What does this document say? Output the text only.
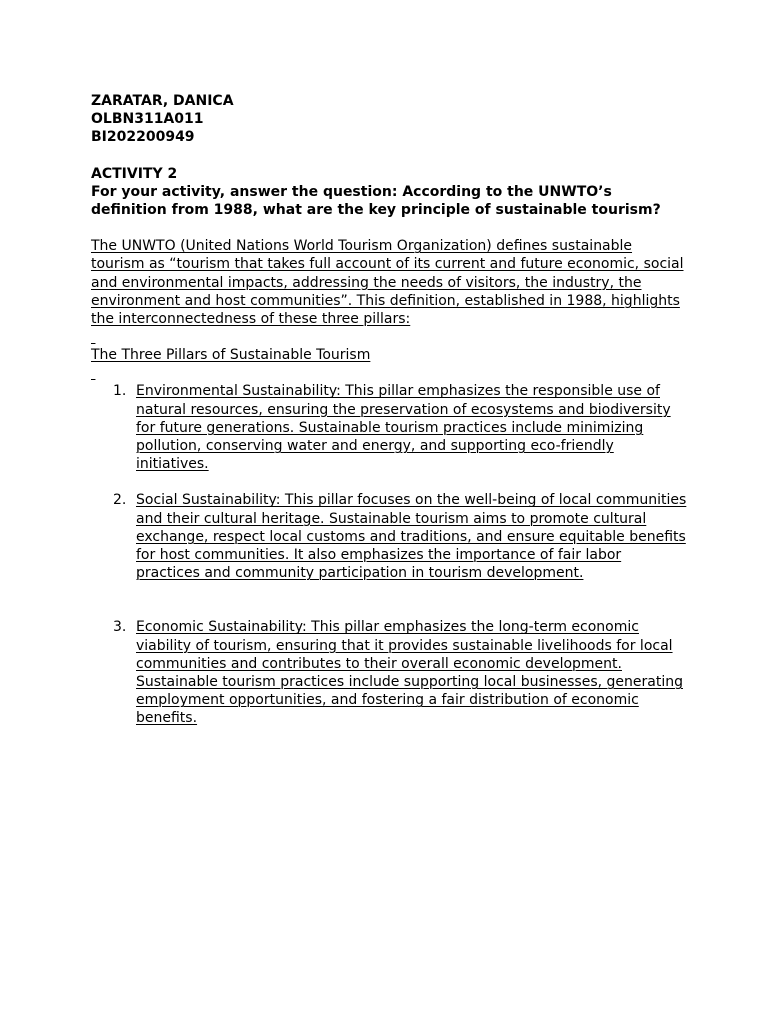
ZARATAR, DANICA
OLBN311A011
BI202200949
ACTIVITY 2
For your activity, answer the question: According to the UNWTO’s definition from 1988, what are the key principle of sustainable tourism?
The UNWTO (United Nations World Tourism Organization) defines sustainable tourism as “tourism that takes full account of its current and future economic, social and environmental impacts, addressing the needs of visitors, the industry, the environment and host communities”. This definition, established in 1988, highlights the interconnectedness of these three pillars:

The Three Pillars of Sustainable Tourism

1. Environmental Sustainability: This pillar emphasizes the responsible use of natural resources, ensuring the preservation of ecosystems and biodiversity for future generations. Sustainable tourism practices include minimizing pollution, conserving water and energy, and supporting eco-friendly initiatives.
2. Social Sustainability: This pillar focuses on the well-being of local communities and their cultural heritage. Sustainable tourism aims to promote cultural exchange, respect local customs and traditions, and ensure equitable benefits for host communities. It also emphasizes the importance of fair labor practices and community participation in tourism development.
3. Economic Sustainability: This pillar emphasizes the long-term economic viability of tourism, ensuring that it provides sustainable livelihoods for local communities and contributes to their overall economic development. Sustainable tourism practices include supporting local businesses, generating employment opportunities, and fostering a fair distribution of economic benefits.
